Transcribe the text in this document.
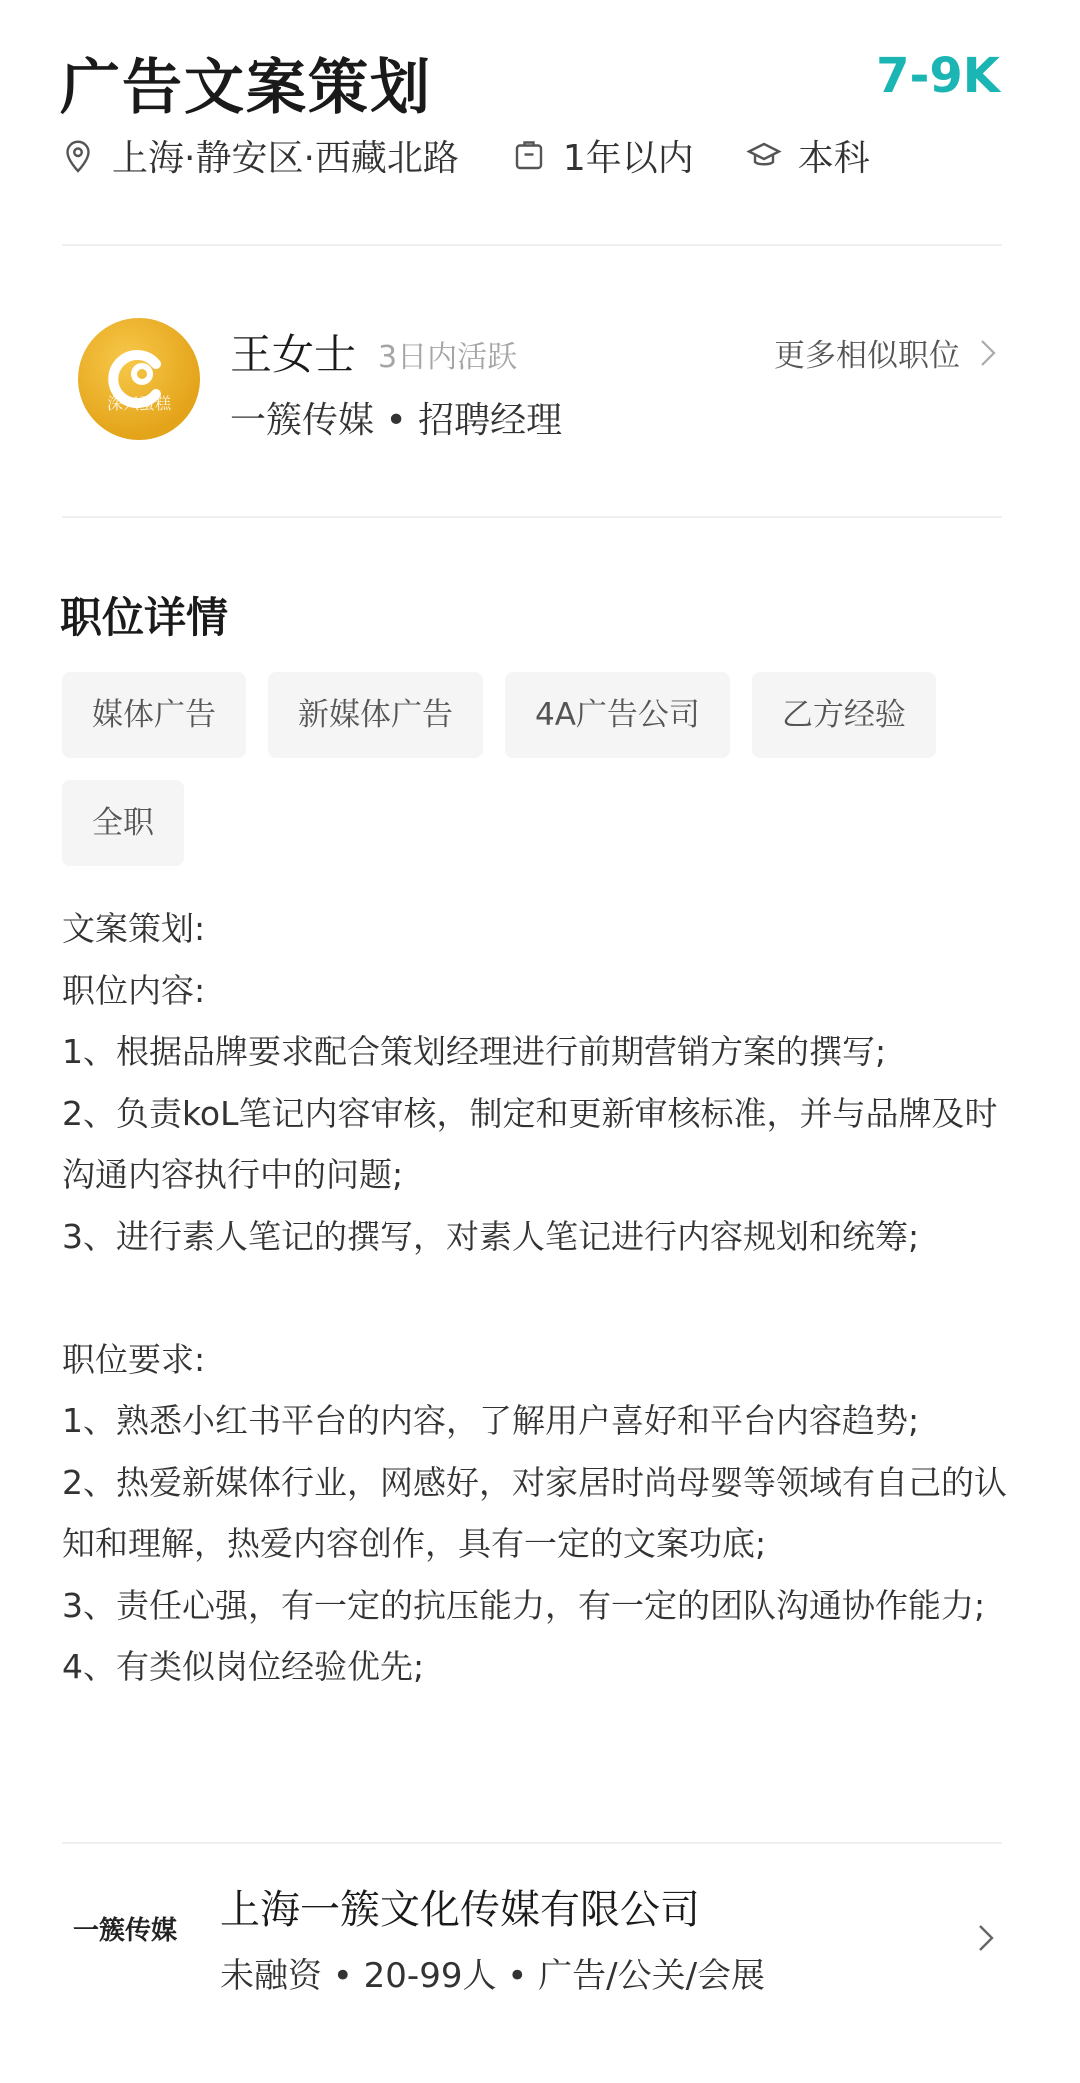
广告文案策划	7-9K
上海·静安区·西藏北路	1年以内	本科
深兴蛋糕
王女士 3日内活跃
一簇传媒 • 招聘经理
更多相似职位
职位详情
媒体广告	新媒体广告	4A广告公司	乙方经验
全职
文案策划:
职位内容:
1、根据品牌要求配合策划经理进行前期营销方案的撰写;
2、负责koL笔记内容审核，制定和更新审核标准，并与品牌及时沟通内容执行中的问题;
3、进行素人笔记的撰写，对素人笔记进行内容规划和统筹;

职位要求:
1、熟悉小红书平台的内容，了解用户喜好和平台内容趋势;
2、热爱新媒体行业，网感好，对家居时尚母婴等领域有自己的认知和理解，热爱内容创作，具有一定的文案功底;
3、责任心强，有一定的抗压能力，有一定的团队沟通协作能力;
4、有类似岗位经验优先;
一簇传媒	上海一簇文化传媒有限公司
未融资 • 20-99人 • 广告/公关/会展
